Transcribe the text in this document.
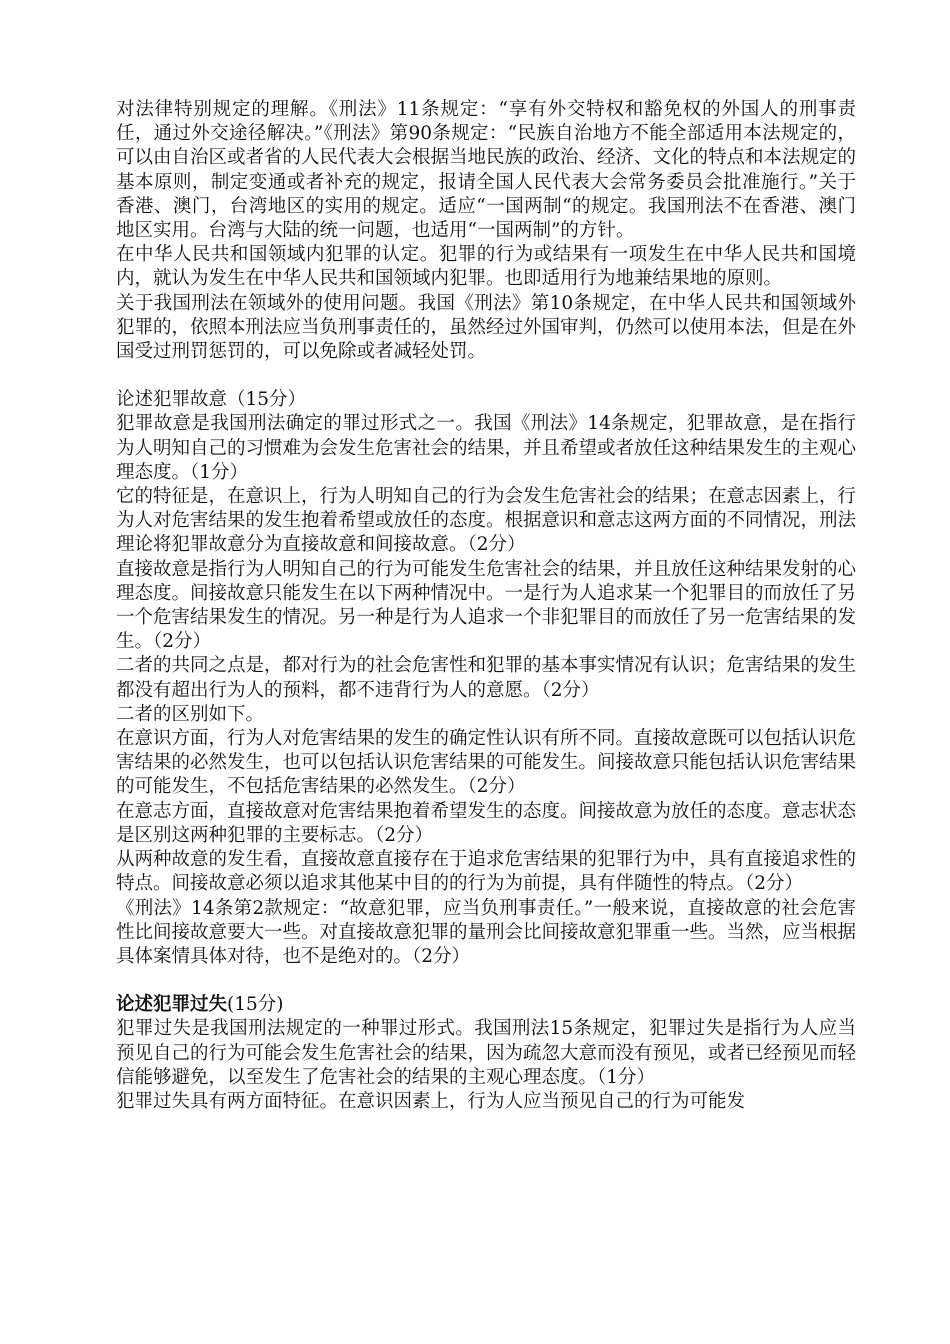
对法律特别规定的理解。《刑法》11条规定：“享有外交特权和豁免权的外国人的刑事责任，通过外交途径解决。”《刑法》第90条规定：“民族自治地方不能全部适用本法规定的，可以由自治区或者省的人民代表大会根据当地民族的政治、经济、文化的特点和本法规定的基本原则，制定变通或者补充的规定，报请全国人民代表大会常务委员会批准施行。”关于香港、澳门，台湾地区的实用的规定。适应“一国两制“的规定。我国刑法不在香港、澳门地区实用。台湾与大陆的统一问题，也适用“一国两制”的方针。

在中华人民共和国领域内犯罪的认定。犯罪的行为或结果有一项发生在中华人民共和国境内，就认为发生在中华人民共和国领域内犯罪。也即适用行为地兼结果地的原则。

关于我国刑法在领域外的使用问题。我国《刑法》第10条规定，在中华人民共和国领域外犯罪的，依照本刑法应当负刑事责任的，虽然经过外国审判，仍然可以使用本法，但是在外国受过刑罚惩罚的，可以免除或者减轻处罚。

论述犯罪故意（15分）

犯罪故意是我国刑法确定的罪过形式之一。我国《刑法》14条规定，犯罪故意，是在指行为人明知自己的习惯难为会发生危害社会的结果，并且希望或者放任这种结果发生的主观心理态度。（1分）

它的特征是，在意识上，行为人明知自己的行为会发生危害社会的结果；在意志因素上，行为人对危害结果的发生抱着希望或放任的态度。根据意识和意志这两方面的不同情况，刑法理论将犯罪故意分为直接故意和间接故意。（2分）

直接故意是指行为人明知自己的行为可能发生危害社会的结果，并且放任这种结果发射的心理态度。间接故意只能发生在以下两种情况中。一是行为人追求某一个犯罪目的而放任了另一个危害结果发生的情况。另一种是行为人追求一个非犯罪目的而放任了另一危害结果的发生。（2分）

二者的共同之点是，都对行为的社会危害性和犯罪的基本事实情况有认识；危害结果的发生都没有超出行为人的预料，都不违背行为人的意愿。（2分）

二者的区别如下。

在意识方面，行为人对危害结果的发生的确定性认识有所不同。直接故意既可以包括认识危害结果的必然发生，也可以包括认识危害结果的可能发生。间接故意只能包括认识危害结果的可能发生，不包括危害结果的必然发生。（2分）

在意志方面，直接故意对危害结果抱着希望发生的态度。间接故意为放任的态度。意志状态是区别这两种犯罪的主要标志。（2分）

从两种故意的发生看，直接故意直接存在于追求危害结果的犯罪行为中，具有直接追求性的特点。间接故意必须以追求其他某中目的的行为为前提，具有伴随性的特点。（2分）

《刑法》14条第2款规定：“故意犯罪，应当负刑事责任。”一般来说，直接故意的社会危害性比间接故意要大一些。对直接故意犯罪的量刑会比间接故意犯罪重一些。当然，应当根据具体案情具体对待，也不是绝对的。（2分）

论述犯罪过失(15分)

犯罪过失是我国刑法规定的一种罪过形式。我国刑法15条规定，犯罪过失是指行为人应当预见自己的行为可能会发生危害社会的结果，因为疏忽大意而没有预见，或者已经预见而轻信能够避免，以至发生了危害社会的结果的主观心理态度。（1分）

犯罪过失具有两方面特征。在意识因素上，行为人应当预见自己的行为可能发
